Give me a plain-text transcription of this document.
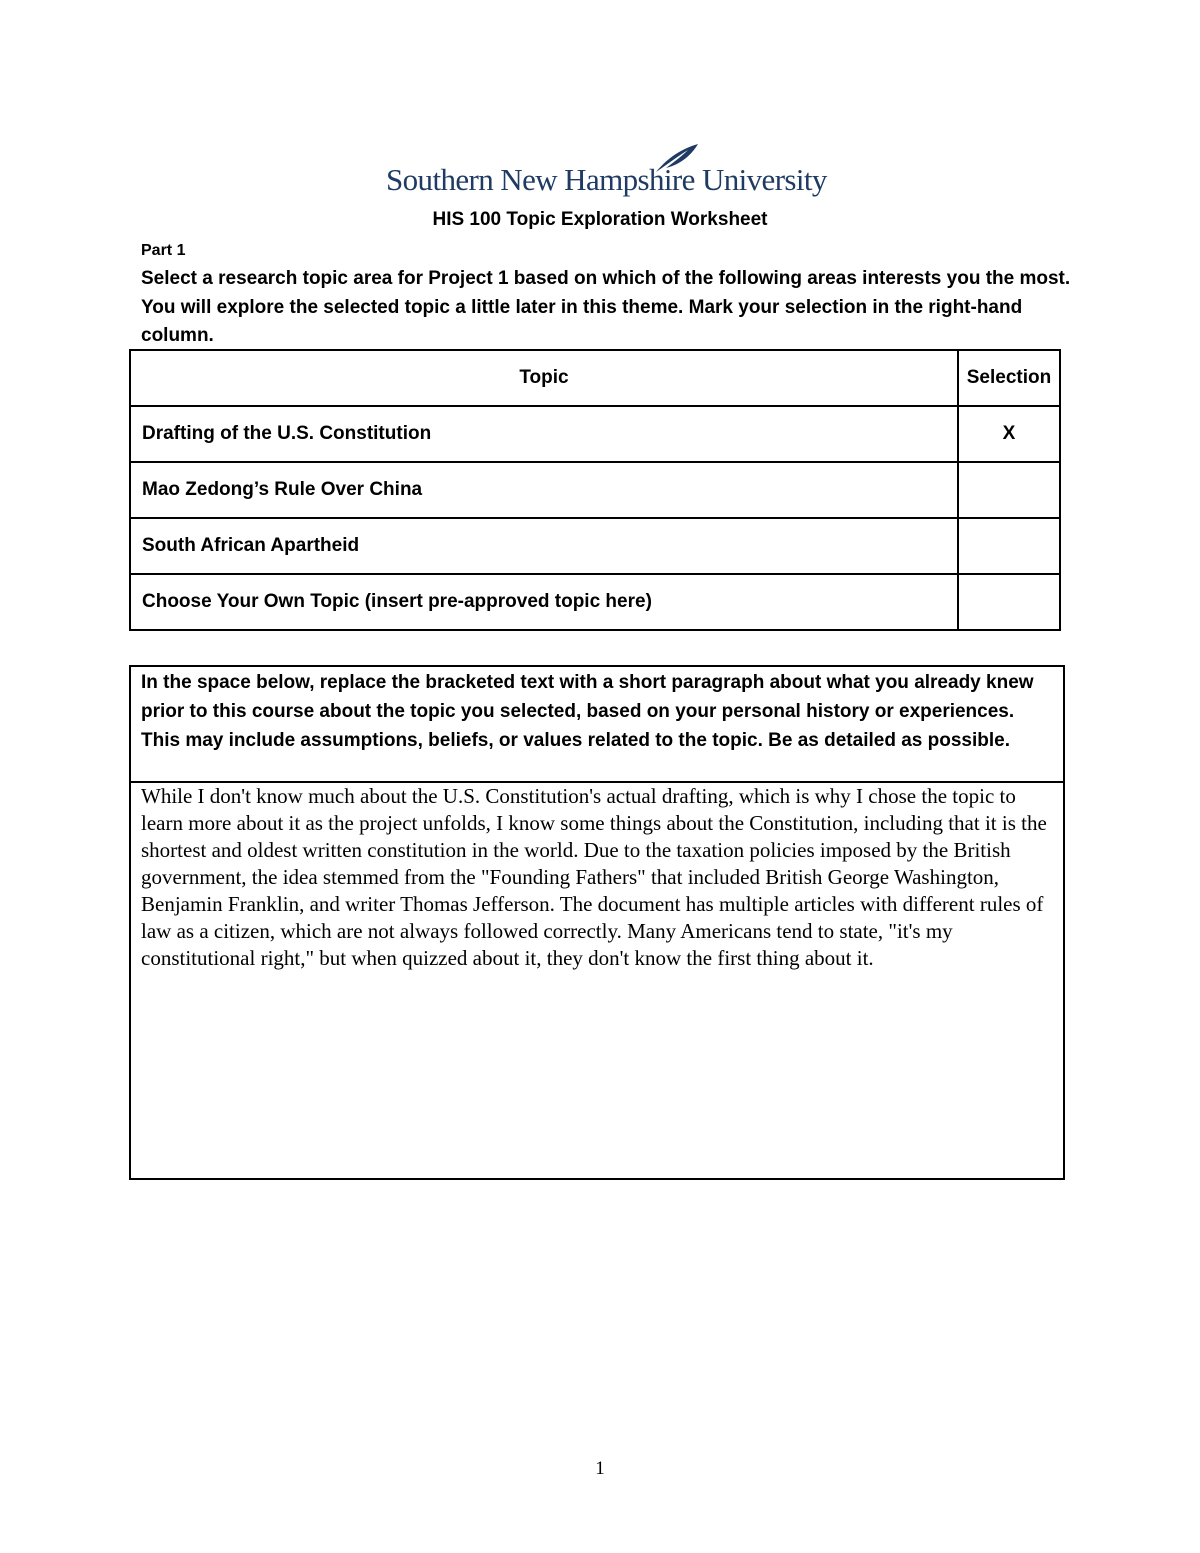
Southern New Hampshire University
HIS 100 Topic Exploration Worksheet
Part 1
Select a research topic area for Project 1 based on which of the following areas interests you the most. You will explore the selected topic a little later in this theme. Mark your selection in the right-hand column.
Topic	Selection
Drafting of the U.S. Constitution	X
Mao Zedong’s Rule Over China	
South African Apartheid	
Choose Your Own Topic (insert pre-approved topic here)	
In the space below, replace the bracketed text with a short paragraph about what you already knew prior to this course about the topic you selected, based on your personal history or experiences. This may include assumptions, beliefs, or values related to the topic. Be as detailed as possible.
While I don't know much about the U.S. Constitution's actual drafting, which is why I chose the topic to learn more about it as the project unfolds, I know some things about the Constitution, including that it is the shortest and oldest written constitution in the world. Due to the taxation policies imposed by the British government, the idea stemmed from the "Founding Fathers" that included British George Washington, Benjamin Franklin, and writer Thomas Jefferson. The document has multiple articles with different rules of law as a citizen, which are not always followed correctly. Many Americans tend to state, "it's my constitutional right," but when quizzed about it, they don't know the first thing about it.
1
